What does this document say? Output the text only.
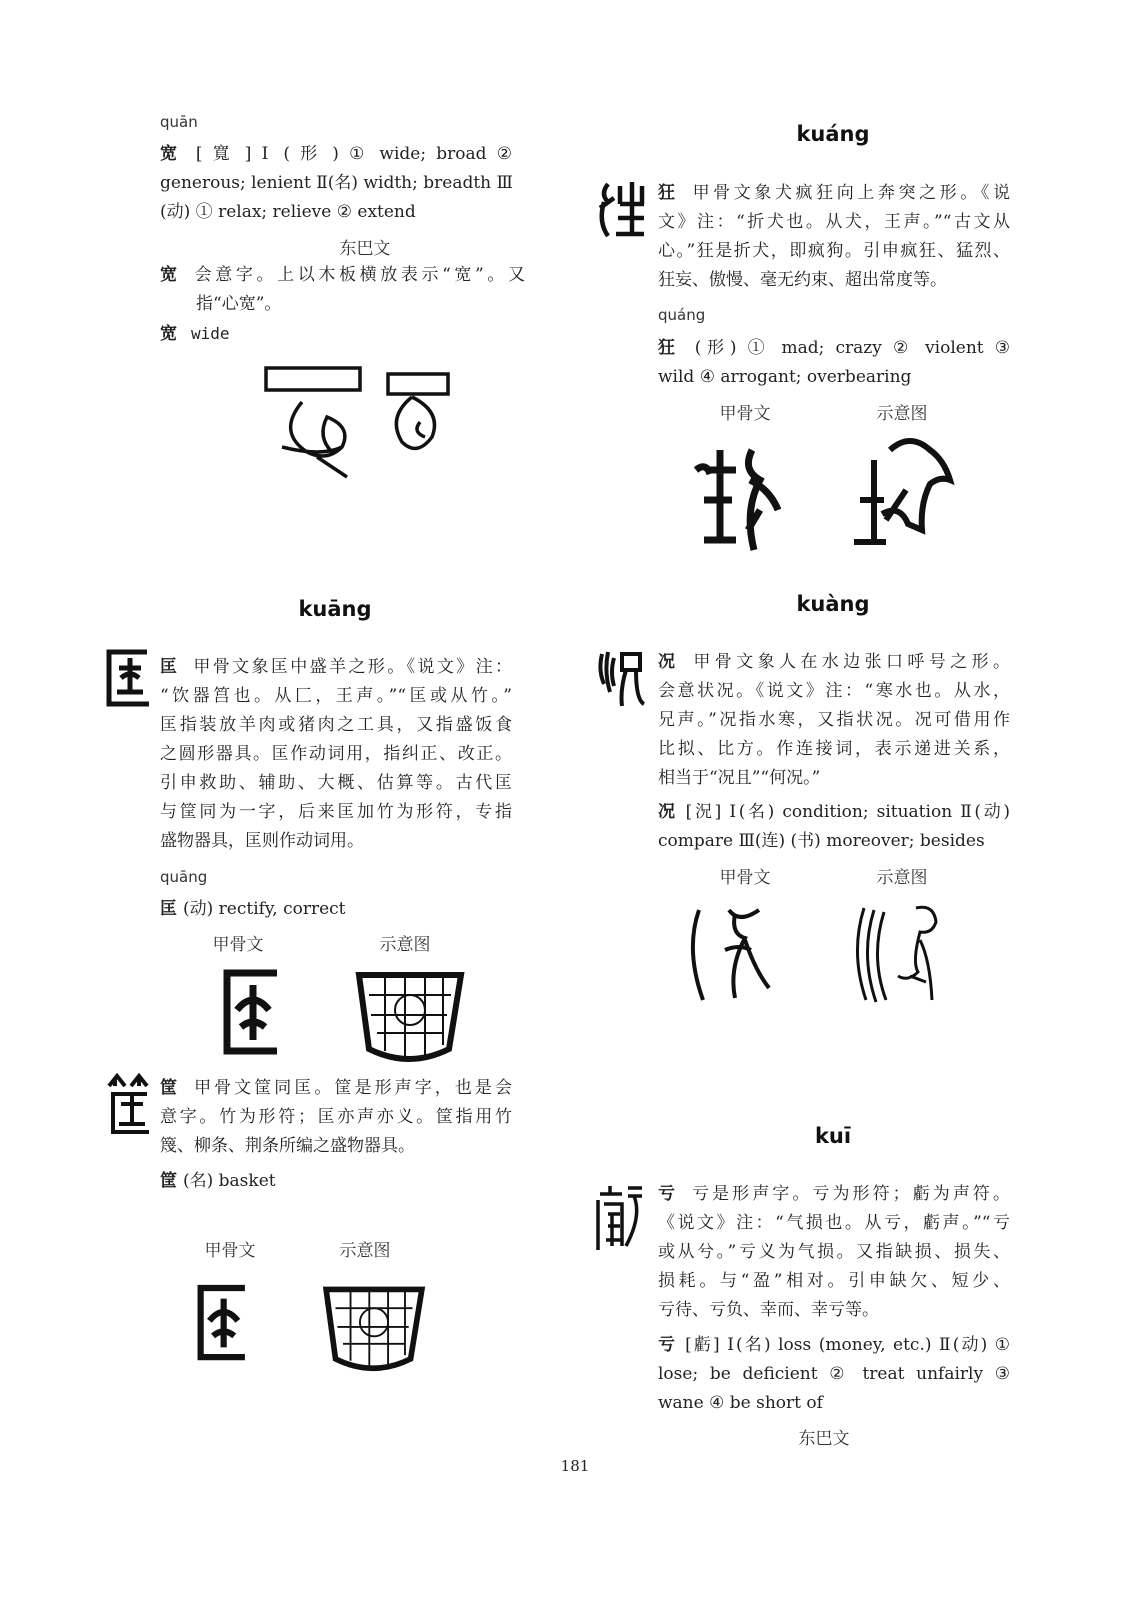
quān
宽 [ 寬 ] Ⅰ ( 形 ) ① wide; broad ②
generous; lenient Ⅱ(名) width; breadth Ⅲ
(动) ① relax; relieve ② extend
东巴文
宽 会意字。上以木板横放表示“宽”。又
指“心宽”。
宽 wide
kuāng
匡 甲骨文象匡中盛羊之形。《说文》注：
“饮器筥也。从匚，王声。”“匡或从竹。”
匡指装放羊肉或猪肉之工具，又指盛饭食
之圆形器具。匡作动词用，指纠正、改正。
引申救助、辅助、大概、估算等。古代匡
与筐同为一字，后来匡加竹为形符，专指
盛物器具，匡则作动词用。
quāng
匡 (动) rectify, correct
甲骨文	示意图
筐 甲骨文筐同匡。筐是形声字，也是会
意字。竹为形符；匡亦声亦义。筐指用竹
篾、柳条、荆条所编之盛物器具。
筐 (名) basket
甲骨文	示意图
kuáng
狂 甲骨文象犬疯狂向上奔突之形。《说
文》注：“折犬也。从犬，王声。”“古文从
心。”狂是折犬，即疯狗。引申疯狂、猛烈、
狂妄、傲慢、毫无约束、超出常度等。
quáng
狂 (形) ① mad; crazy ② violent ③
wild ④ arrogant; overbearing
甲骨文	示意图
kuàng
况 甲骨文象人在水边张口呼号之形。
会意状况。《说文》注：“寒水也。从水，
兄声。”况指水寒，又指状况。况可借用作
比拟、比方。作连接词，表示递进关系，
相当于“况且”“何况。”
况 [況] Ⅰ(名) condition; situation Ⅱ(动)
compare Ⅲ(连) (书) moreover; besides
甲骨文	示意图
kuī
亏 亏是形声字。亏为形符；虧为声符。
《说文》注：“气损也。从亏，虧声。”“亏
或从兮。”亏义为气损。又指缺损、损失、
损耗。与“盈”相对。引申缺欠、短少、
亏待、亏负、幸而、幸亏等。
亏 [虧] Ⅰ(名) loss (money, etc.) Ⅱ(动) ①
lose; be deficient ② treat unfairly ③
wane ④ be short of
东巴文
181
